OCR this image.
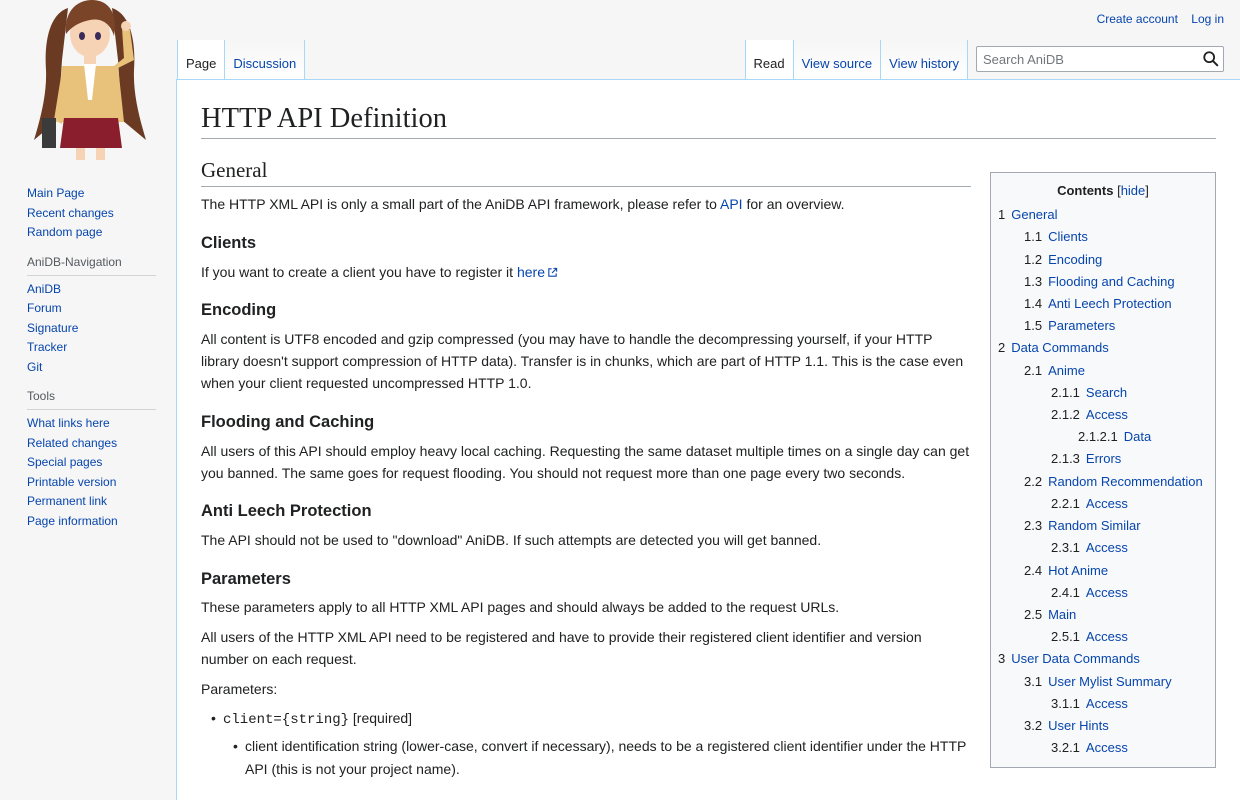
Create account Log in
Page Discussion	Read View source View history
Search AniDB
Main Page
Recent changes
Random page
AniDB-Navigation
AniDB
Forum
Signature
Tracker
Git
Tools
What links here
Related changes
Special pages
Printable version
Permanent link
Page information
HTTP API Definition
General

The HTTP XML API is only a small part of the AniDB API framework, please refer to API for an overview.

Clients

If you want to create a client you have to register it here

Encoding

All content is UTF8 encoded and gzip compressed (you may have to handle the decompressing yourself, if your HTTP library doesn't support compression of HTTP data). Transfer is in chunks, which are part of HTTP 1.1. This is the case even when your client requested uncompressed HTTP 1.0.

Flooding and Caching

All users of this API should employ heavy local caching. Requesting the same dataset multiple times on a single day can get you banned. The same goes for request flooding. You should not request more than one page every two seconds.

Anti Leech Protection

The API should not be used to "download" AniDB. If such attempts are detected you will get banned.

Parameters

These parameters apply to all HTTP XML API pages and should always be added to the request URLs.

All users of the HTTP XML API need to be registered and have to provide their registered client identifier and version number on each request.

Parameters:

• client={string} [required]
• client identification string (lower-case, convert if necessary), needs to be a registered client identifier under the HTTP API (this is not your project name).
Contents [hide]
1 General
1.1 Clients
1.2 Encoding
1.3 Flooding and Caching
1.4 Anti Leech Protection
1.5 Parameters
2 Data Commands
2.1 Anime
2.1.1 Search
2.1.2 Access
2.1.2.1 Data
2.1.3 Errors
2.2 Random Recommendation
2.2.1 Access
2.3 Random Similar
2.3.1 Access
2.4 Hot Anime
2.4.1 Access
2.5 Main
2.5.1 Access
3 User Data Commands
3.1 User Mylist Summary
3.1.1 Access
3.2 User Hints
3.2.1 Access
